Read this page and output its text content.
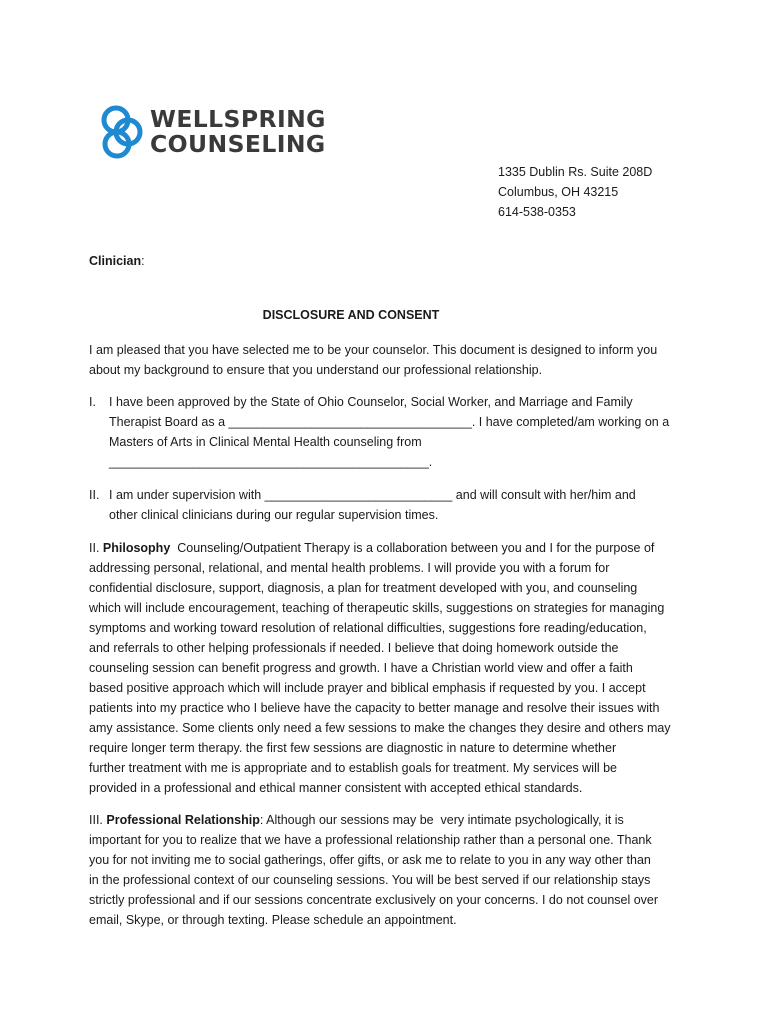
WELLSPRING
COUNSELING
1335 Dublin Rs. Suite 208D
Columbus, OH 43215
614-538-0353
Clinician:
DISCLOSURE AND CONSENT
I am pleased that you have selected me to be your counselor. This document is designed to inform you
about my background to ensure that you understand our professional relationship.
I. I have been approved by the State of Ohio Counselor, Social Worker, and Marriage and Family
Therapist Board as a ___________________________________. I have completed/am working on a
Masters of Arts in Clinical Mental Health counseling from
______________________________________________.
II. I am under supervision with ___________________________ and will consult with her/him and
other clinical clinicians during our regular supervision times.
II. Philosophy  Counseling/Outpatient Therapy is a collaboration between you and I for the purpose of
addressing personal, relational, and mental health problems. I will provide you with a forum for
confidential disclosure, support, diagnosis, a plan for treatment developed with you, and counseling
which will include encouragement, teaching of therapeutic skills, suggestions on strategies for managing
symptoms and working toward resolution of relational difficulties, suggestions fore reading/education,
and referrals to other helping professionals if needed. I believe that doing homework outside the
counseling session can benefit progress and growth. I have a Christian world view and offer a faith
based positive approach which will include prayer and biblical emphasis if requested by you. I accept
patients into my practice who I believe have the capacity to better manage and resolve their issues with
amy assistance. Some clients only need a few sessions to make the changes they desire and others may
require longer term therapy. the first few sessions are diagnostic in nature to determine whether
further treatment with me is appropriate and to establish goals for treatment. My services will be
provided in a professional and ethical manner consistent with accepted ethical standards.
III. Professional Relationship: Although our sessions may be  very intimate psychologically, it is
important for you to realize that we have a professional relationship rather than a personal one. Thank
you for not inviting me to social gatherings, offer gifts, or ask me to relate to you in any way other than
in the professional context of our counseling sessions. You will be best served if our relationship stays
strictly professional and if our sessions concentrate exclusively on your concerns. I do not counsel over
email, Skype, or through texting. Please schedule an appointment.
